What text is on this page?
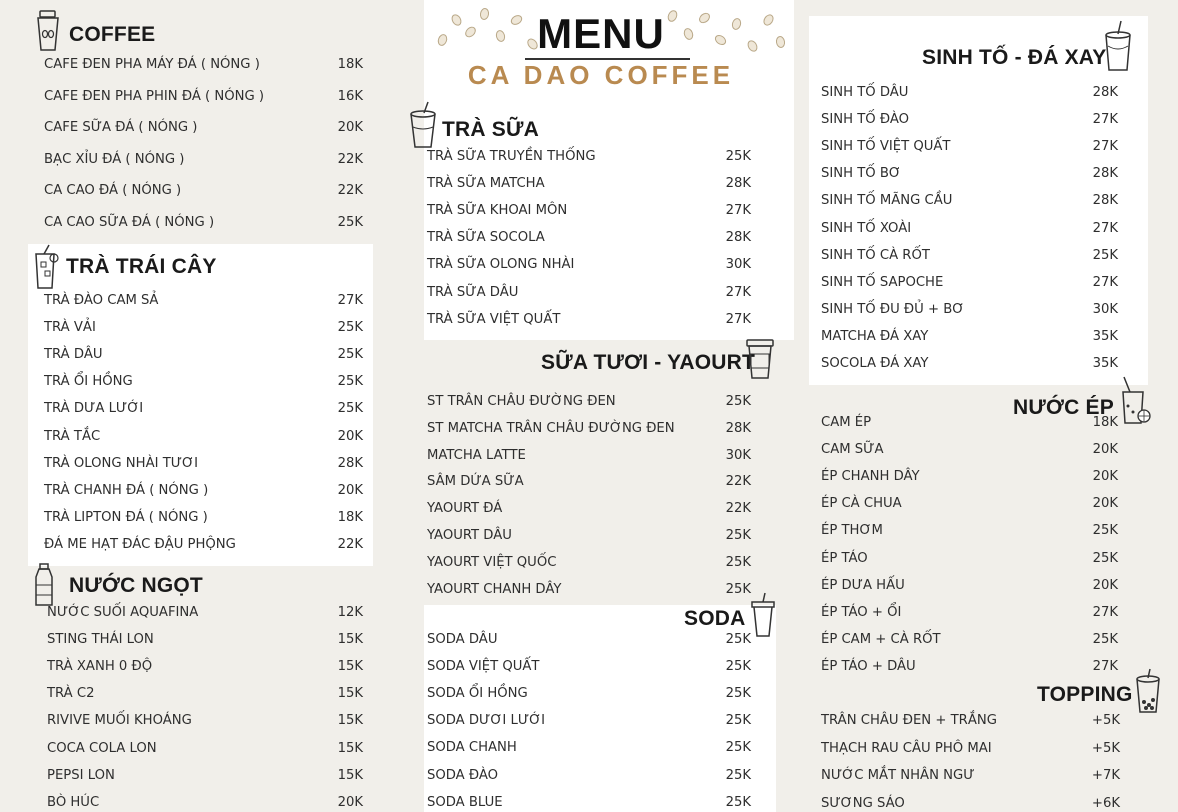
MENU
CA DAO COFFEE
COFFEE
TRÀ TRÁI CÂY
NƯỚC NGỌT
TRÀ SỮA
SỮA TƯƠI - YAOURT
SODA
SINH TỐ - ĐÁ XAY
NƯỚC ÉP
TOPPING
CAFE ĐEN PHA MÁY ĐÁ ( NÓNG )	18K
CAFE ĐEN PHA PHIN ĐÁ ( NÓNG )	16K
CAFE SỮA ĐÁ ( NÓNG )	20K
BẠC XỈU ĐÁ ( NÓNG )	22K
CA CAO ĐÁ ( NÓNG )	22K
CA CAO SỮA ĐÁ ( NÓNG )	25K
TRÀ ĐÀO CAM SẢ	27K
TRÀ VẢI	25K
TRÀ DÂU	25K
TRÀ ỔI HỒNG	25K
TRÀ DƯA LƯỚI	25K
TRÀ TẮC	20K
TRÀ OLONG NHÀI TƯƠI	28K
TRÀ CHANH ĐÁ ( NÓNG )	20K
TRÀ LIPTON ĐÁ ( NÓNG )	18K
ĐÁ ME HẠT ĐÁC ĐẬU PHỘNG	22K
NƯỚC SUỐI AQUAFINA	12K
STING THÁI LON	15K
TRÀ XANH 0 ĐỘ	15K
TRÀ C2	15K
RIVIVE MUỐI KHOÁNG	15K
COCA COLA LON	15K
PEPSI LON	15K
BÒ HÚC	20K
TRÀ SỮA TRUYỀN THỐNG	25K
TRÀ SỮA MATCHA	28K
TRÀ SỮA KHOAI MÔN	27K
TRÀ SỮA SOCOLA	28K
TRÀ SỮA OLONG NHÀI	30K
TRÀ SỮA DÂU	27K
TRÀ SỮA VIỆT QUẤT	27K
ST TRÂN CHÂU ĐƯỜNG ĐEN	25K
ST MATCHA TRÂN CHÂU ĐƯỜNG ĐEN	28K
MATCHA LATTE	30K
SÂM DỨA SỮA	22K
YAOURT ĐÁ	22K
YAOURT DÂU	25K
YAOURT VIỆT QUỐC	25K
YAOURT CHANH DÂY	25K
SODA DÂU	25K
SODA VIỆT QUẤT	25K
SODA ỔI HỒNG	25K
SODA DƯƠI LƯỚI	25K
SODA CHANH	25K
SODA ĐÀO	25K
SODA BLUE	25K
SINH TỐ DÂU	28K
SINH TỐ ĐÀO	27K
SINH TỐ VIỆT QUẤT	27K
SINH TỐ BƠ	28K
SINH TỐ MÃNG CẦU	28K
SINH TỐ XOÀI	27K
SINH TỐ CÀ RỐT	25K
SINH TỐ SAPOCHE	27K
SINH TỐ ĐU ĐỦ + BƠ	30K
MATCHA ĐÁ XAY	35K
SOCOLA ĐÁ XAY	35K
CAM ÉP	18K
CAM SỮA	20K
ÉP CHANH DÂY	20K
ÉP CÀ CHUA	20K
ÉP THƠM	25K
ÉP TÁO	25K
ÉP DƯA HẤU	20K
ÉP TÁO + ỔI	27K
ÉP CAM + CÀ RỐT	25K
ÉP TÁO + DÂU	27K
TRÂN CHÂU ĐEN + TRẮNG	+5K
THẠCH RAU CÂU PHÔ MAI	+5K
NƯỚC MẮT NHÂN NGƯ	+7K
SƯƠNG SÁO	+6K
